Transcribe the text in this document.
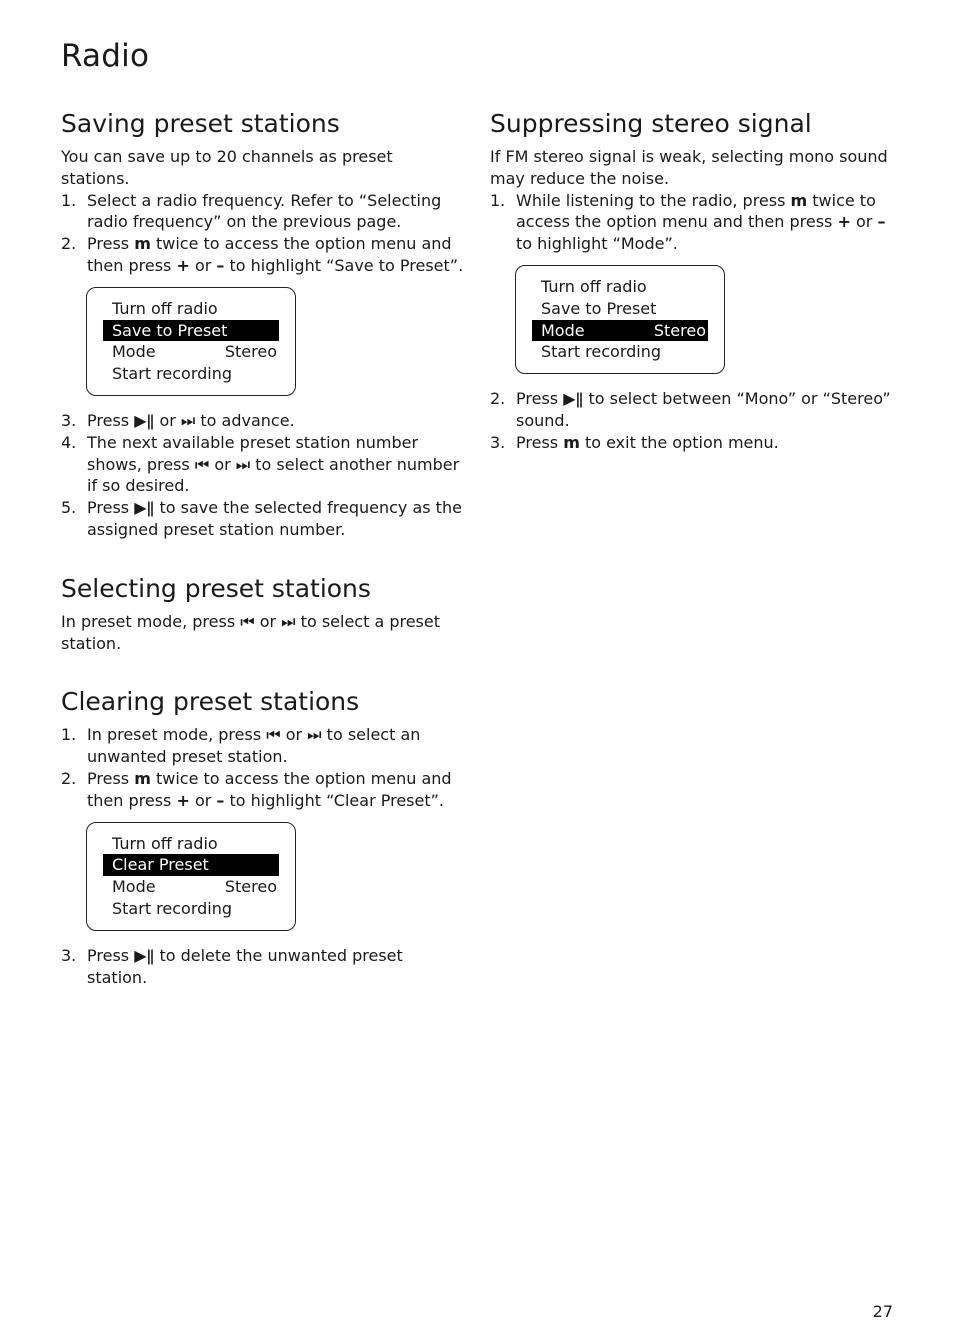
Radio
Saving preset stations

You can save up to 20 channels as preset stations.

1. Select a radio frequency. Refer to “Selecting radio frequency” on the previous page.
2. Press m twice to access the option menu and then press + or – to highlight “Save to Preset”.
Turn off radio
Save to Preset
Mode	Stereo
Start recording
3. Press ▶ǁ or ⏭ to advance.
4. The next available preset station number shows, press ⏮ or ⏭ to select another number if so desired.
5. Press ▶ǁ to save the selected frequency as the assigned preset station number.
Selecting preset stations

In preset mode, press ⏮ or ⏭ to select a preset station.

Clearing preset stations
1. In preset mode, press ⏮ or ⏭ to select an unwanted preset station.
2. Press m twice to access the option menu and then press + or – to highlight “Clear Preset”.
Turn off radio
Clear Preset
Mode	Stereo
Start recording
3. Press ▶ǁ to delete the unwanted preset station.
Suppressing stereo signal

If FM stereo signal is weak, selecting mono sound may reduce the noise.

1. While listening to the radio, press m twice to access the option menu and then press + or – to highlight “Mode”.
Turn off radio
Save to Preset
Mode	Stereo
Start recording
2. Press ▶ǁ to select between “Mono” or “Stereo” sound.
3. Press m to exit the option menu.
27
